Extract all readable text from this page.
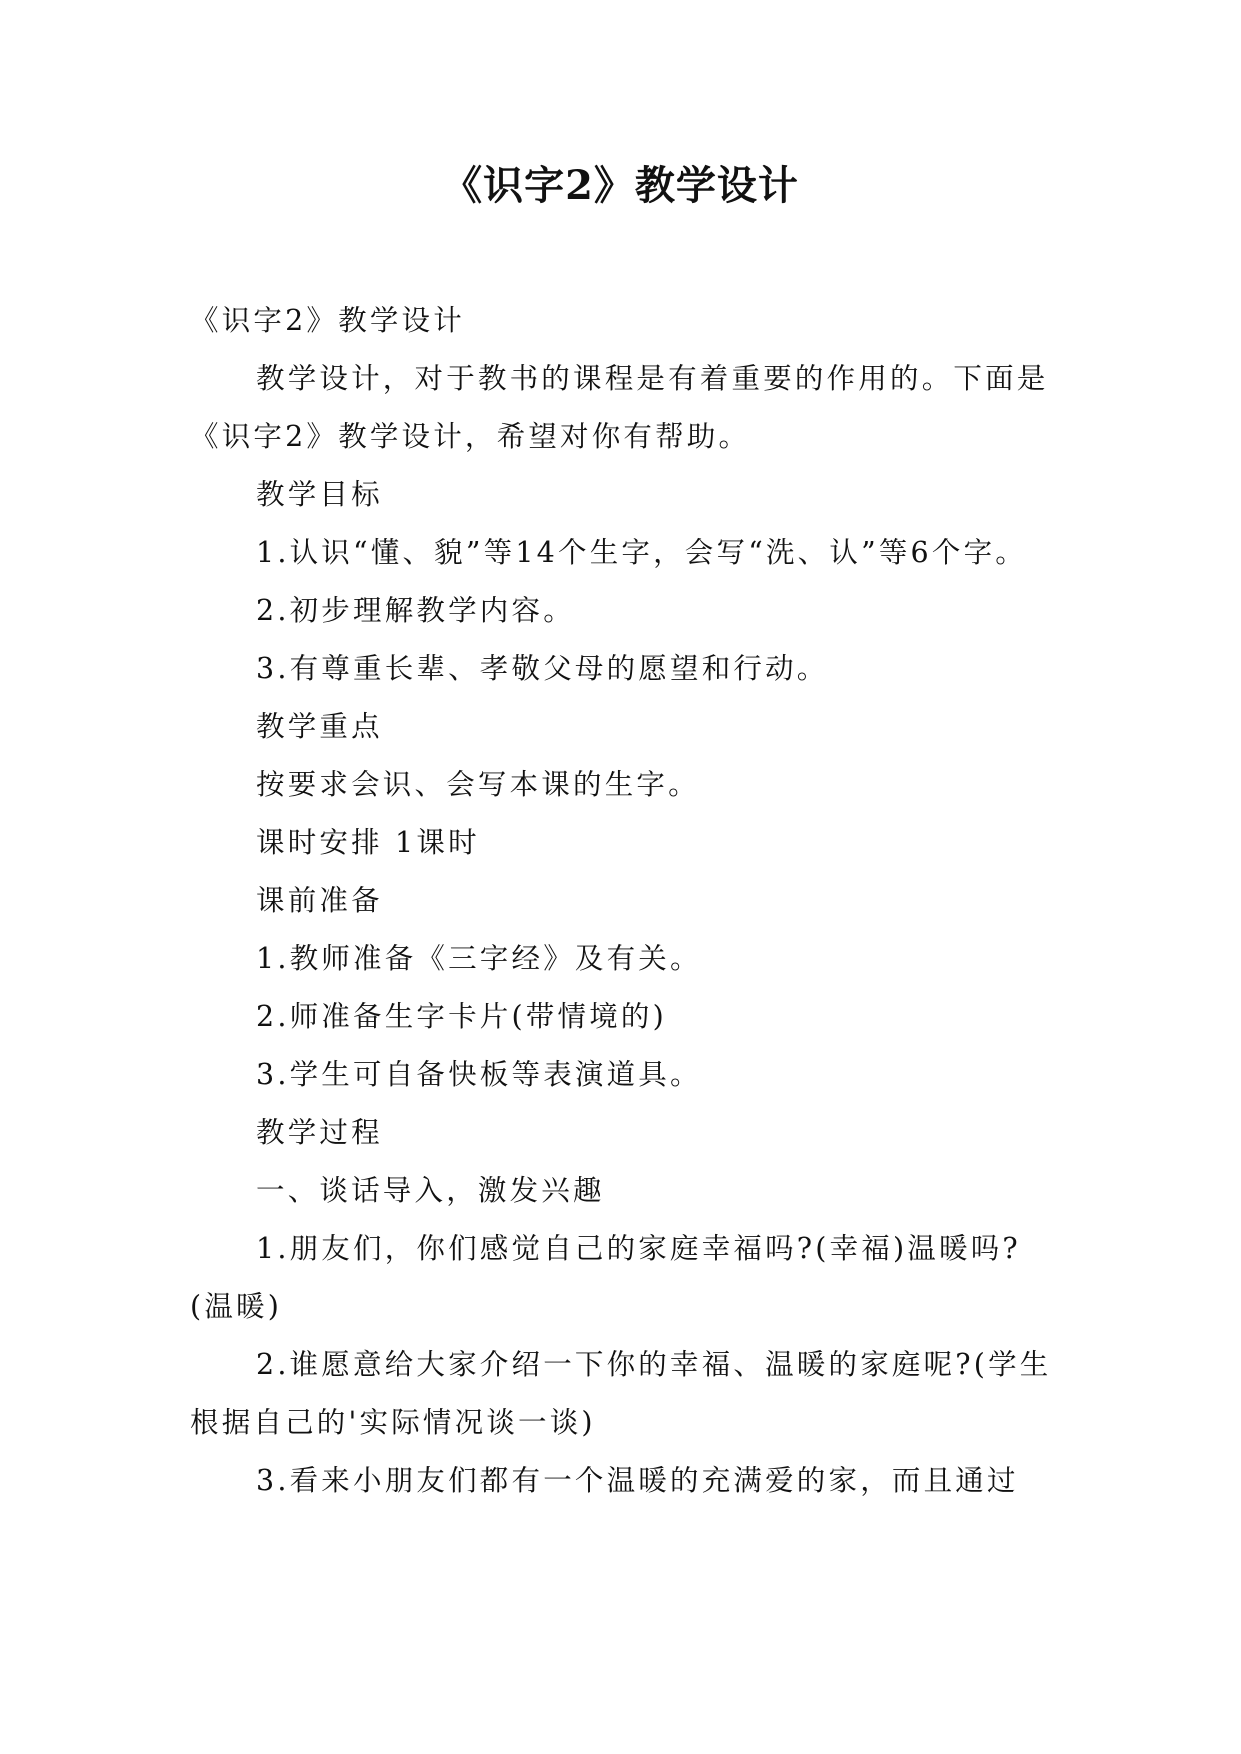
《识字2》教学设计

《识字2》教学设计

教学设计，对于教书的课程是有着重要的作用的。下面是《识字2》教学设计，希望对你有帮助。

教学目标

1.认识“懂、貌”等14个生字，会写“洗、认”等6个字。

2.初步理解教学内容。

3.有尊重长辈、孝敬父母的愿望和行动。

教学重点

按要求会识、会写本课的生字。

课时安排 1课时

课前准备

1.教师准备《三字经》及有关。

2.师准备生字卡片(带情境的)

3.学生可自备快板等表演道具。

教学过程

一、谈话导入，激发兴趣

1.朋友们，你们感觉自己的家庭幸福吗?(幸福)温暖吗?(温暖)

2.谁愿意给大家介绍一下你的幸福、温暖的家庭呢?(学生根据自己的'实际情况谈一谈)

3.看来小朋友们都有一个温暖的充满爱的家，而且通过
